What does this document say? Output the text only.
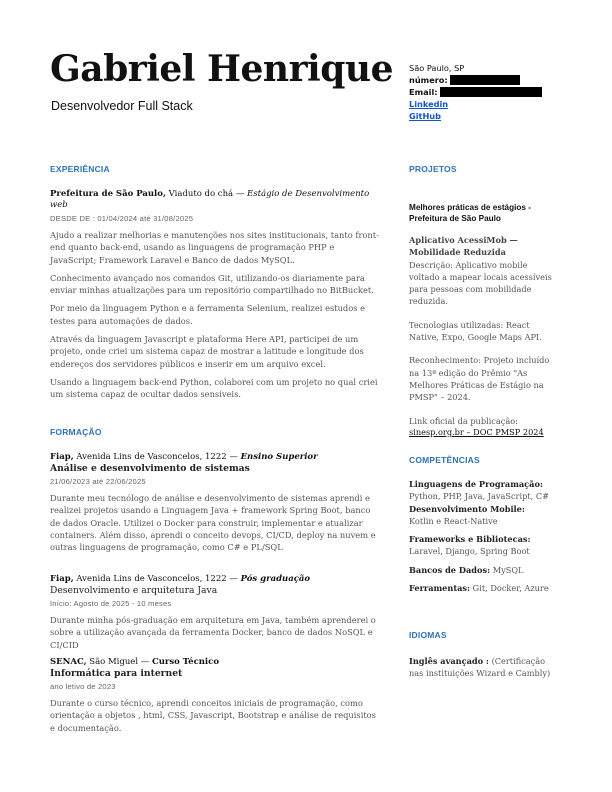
Gabriel Henrique
Desenvolvedor Full Stack
São Paulo, SP
número:
Email:
Linkedin
GitHub
EXPERIÊNCIA
Prefeitura de São Paulo, Viaduto do chá — Estágio de Desenvolvimento web
DESDE DE : 01/04/2024 até 31/08/2025
Ajudo a realizar melhorias e manutenções nos sites institucionais, tanto front-end quanto back-end, usando as linguagens de programação PHP e JavaScript; Framework Laravel e Banco de dados MySQL.
Conhecimento avançado nos comandos Git, utilizando-os diariamente para enviar minhas atualizações para um repositório compartilhado no BitBucket.
Por meio da linguagem Python e a ferramenta Selenium, realizei estudos e testes para automações de dados.
Através da linguagem Javascript e plataforma Here API, participei de um projeto, onde criei um sistema capaz de mostrar a latitude e longitude dos endereços dos servidores públicos e inserir em um arquivo excel.
Usando a linguagem back-end Python, colaborei com um projeto no qual criei um sistema capaz de ocultar dados sensíveis.
FORMAÇÃO
Fiap, Avenida Lins de Vasconcelos, 1222 — Ensino Superior
Análise e desenvolvimento de sistemas
21/06/2023 até 22/06/2025
Durante meu tecnólogo de análise e desenvolvimento de sistemas aprendi e realizei projetos usando a Linguagem Java + framework Spring Boot, banco de dados Oracle. Utilizei o Docker para construir, implementar e atualizar containers. Além disso, aprendi o conceito devops, CI/CD, deploy na nuvem e outras linguagens de programação, como C# e PL/SQL
Fiap, Avenida Lins de Vasconcelos, 1222 — Pós graduação
Desenvolvimento e arquitetura Java
Início: Agosto de 2025 - 10 meses
Durante minha pós-graduação em arquitetura em Java, também aprenderei o sobre a utilização avançada da ferramenta Docker, banco de dados NoSQL e CI/CID
SENAC, São Miguel — Curso Técnico
Informática para internet
ano letivo de 2023
Durante o curso técnico, aprendi conceitos iniciais de programação, como orientação a objetos , html, CSS, Javascript, Bootstrap e análise de requisitos e documentação.
PROJETOS
Melhores práticas de estágios - Prefeitura de São Paulo
Aplicativo AcessiMob — Mobilidade Reduzida
Descrição: Aplicativo mobile voltado a mapear locais acessíveis para pessoas com mobilidade reduzida.
Tecnologias utilizadas: React Native, Expo, Google Maps API.
Reconhecimento: Projeto incluído na 13ª edição do Prêmio "As Melhores Práticas de Estágio na PMSP" – 2024.
Link oficial da publicação:
sinesp.org.br – DOC PMSP 2024
COMPETÊNCIAS
Linguagens de Programação:
Python, PHP, Java, JavaScript, C#
Desenvolvimento Mobile:
Kotlin e React-Native
Frameworks e Bibliotecas:
Laravel, Django, Spring Boot
Bancos de Dados: MySQL
Ferramentas: Git, Docker, Azure
IDIOMAS
Inglês avançado : (Certificação nas instituições Wizard e Cambly)
